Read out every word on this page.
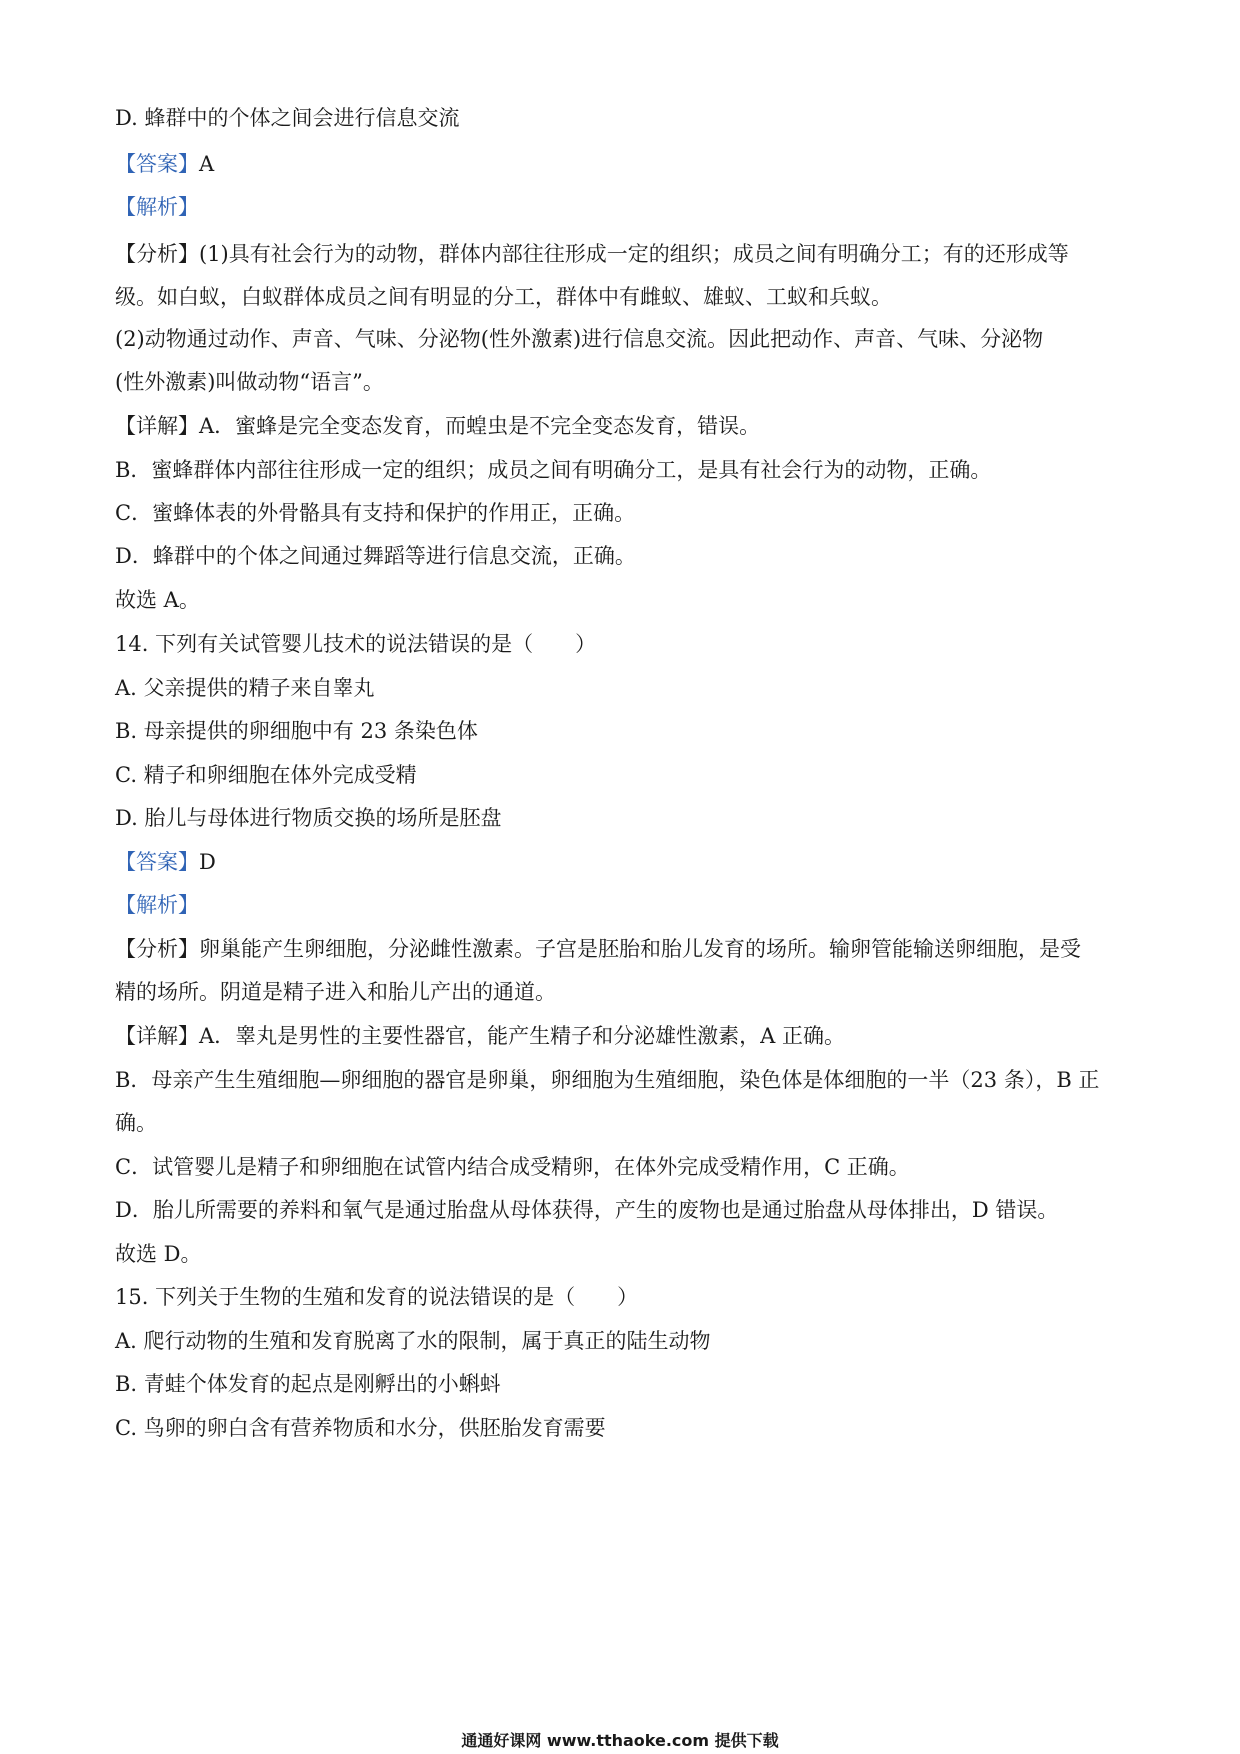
D. 蜂群中的个体之间会进行信息交流
【答案】A
【解析】
【分析】(1)具有社会行为的动物，群体内部往往形成一定的组织；成员之间有明确分工；有的还形成等
级。如白蚁，白蚁群体成员之间有明显的分工，群体中有雌蚁、雄蚁、工蚁和兵蚁。
(2)动物通过动作、声音、气味、分泌物(性外激素)进行信息交流。因此把动作、声音、气味、分泌物
(性外激素)叫做动物“语言”。
【详解】A．蜜蜂是完全变态发育，而蝗虫是不完全变态发育，错误。
B．蜜蜂群体内部往往形成一定的组织；成员之间有明确分工，是具有社会行为的动物，正确。
C．蜜蜂体表的外骨骼具有支持和保护的作用正，正确。
D．蜂群中的个体之间通过舞蹈等进行信息交流，正确。
故选 A。
14. 下列有关试管婴儿技术的说法错误的是（　　）
A. 父亲提供的精子来自睾丸
B. 母亲提供的卵细胞中有 23 条染色体
C. 精子和卵细胞在体外完成受精
D. 胎儿与母体进行物质交换的场所是胚盘
【答案】D
【解析】
【分析】卵巢能产生卵细胞，分泌雌性激素。子宫是胚胎和胎儿发育的场所。输卵管能输送卵细胞，是受
精的场所。阴道是精子进入和胎儿产出的通道。
【详解】A．睾丸是男性的主要性器官，能产生精子和分泌雄性激素，A 正确。
B．母亲产生生殖细胞—卵细胞的器官是卵巢，卵细胞为生殖细胞，染色体是体细胞的一半（23 条），B 正
确。
C．试管婴儿是精子和卵细胞在试管内结合成受精卵，在体外完成受精作用，C 正确。
D．胎儿所需要的养料和氧气是通过胎盘从母体获得，产生的废物也是通过胎盘从母体排出，D 错误。
故选 D。
15. 下列关于生物的生殖和发育的说法错误的是（　　）
A. 爬行动物的生殖和发育脱离了水的限制，属于真正的陆生动物
B. 青蛙个体发育的起点是刚孵出的小蝌蚪
C. 鸟卵的卵白含有营养物质和水分，供胚胎发育需要
通通好课网 www.tthaoke.com 提供下载
